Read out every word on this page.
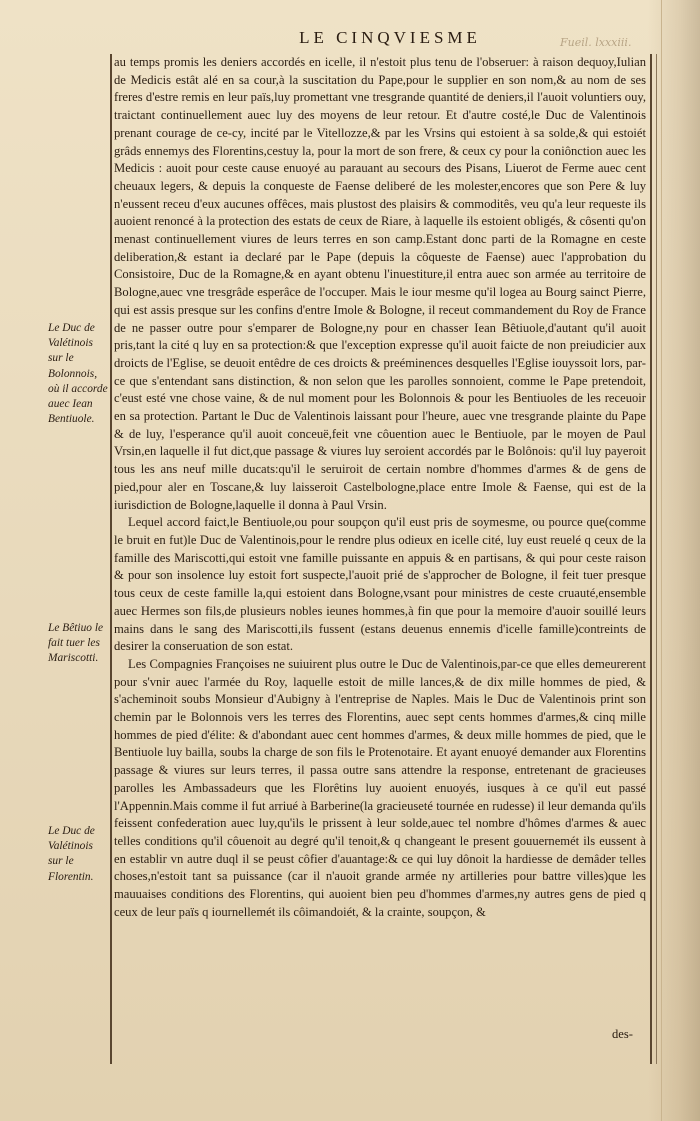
Fueil. lxxxiii.
LE CINQVIESME
Le Duc de Valétinois sur le Bolonnois, où il accorde auec Iean Bentiuole.
Le Bêtiuo le fait tuer les Mariscotti.
Le Duc de Valétinois sur le Florentin.

au temps promis les deniers accordés en icelle, il n'estoit plus tenu de l'obseruer: à raison dequoy,Iulian de Medicis estât alé en sa cour,à la suscitation du Pape,pour le supplier en son nom,& au nom de ses freres d'estre remis en leur païs,luy promettant vne tresgrande quantité de deniers,il l'auoit voluntiers ouy, traictant continuellement auec luy des moyens de leur retour. Et d'autre costé,le Duc de Valentinois prenant courage de ce-cy, incité par le Vitellozze,& par les Vrsins qui estoient à sa solde,& qui estoiét grâds ennemys des Florentins,cestuy la, pour la mort de son frere, & ceux cy pour la coniônction auec les Medicis : auoit pour ceste cause enuoyé au parauant au secours des Pisans, Liuerot de Ferme auec cent cheuaux legers, & depuis la conqueste de Faense deliberé de les molester,encores que son Pere & luy n'eussent receu d'eux aucunes offêces, mais plustost des plaisirs & commoditês, veu qu'a leur requeste ils auoient renoncé à la protection des estats de ceux de Riare, à laquelle ils estoient obligés, & côsenti qu'on menast continuellement viures de leurs terres en son camp.Estant donc parti de la Romagne en ceste deliberation,& estant ia declaré par le Pape (depuis la côqueste de Faense) auec l'approbation du Consistoire, Duc de la Romagne,& en ayant obtenu l'inuestiture,il entra auec son armée au territoire de Bologne,auec vne tresgrâde esperâce de l'occuper. Mais le iour mesme qu'il logea au Bourg sainct Pierre, qui est assis presque sur les confins d'entre Imole & Bologne, il receut commandement du Roy de France de ne passer outre pour s'emparer de Bologne,ny pour en chasser Iean Bêtiuole,d'autant qu'il auoit pris,tant la cité q luy en sa protection:& que l'exception expresse qu'il auoit faicte de non preiudicier aux droicts de l'Eglise, se deuoit entêdre de ces droicts & preéminences desquelles l'Eglise iouyssoit lors, par-ce que s'entendant sans distinction, & non selon que les parolles sonnoient, comme le Pape pretendoit, c'eust esté vne chose vaine, & de nul moment pour les Bolonnois & pour les Bentiuoles de les receuoir en sa protection. Partant le Duc de Valentinois laissant pour l'heure, auec vne tresgrande plainte du Pape & de luy, l'esperance qu'il auoit conceuë,feit vne côuention auec le Bentiuole, par le moyen de Paul Vrsin,en laquelle il fut dict,que passage & viures luy seroient accordés par le Bolônois: qu'il luy payeroit tous les ans neuf mille ducats:qu'il le seruiroit de certain nombre d'hommes d'armes & de gens de pied,pour aler en Toscane,& luy laisseroit Castelbologne,place entre Imole & Faense, qui est de la iurisdiction de Bologne,laquelle il donna à Paul Vrsin.

Lequel accord faict,le Bentiuole,ou pour soupçon qu'il eust pris de soymesme, ou pource que(comme le bruit en fut)le Duc de Valentinois,pour le rendre plus odieux en icelle cité, luy eust reuelé q ceux de la famille des Mariscotti,qui estoit vne famille puissante en appuis & en partisans, & qui pour ceste raison & pour son insolence luy estoit fort suspecte,l'auoit prié de s'approcher de Bologne, il feit tuer presque tous ceux de ceste famille la,qui estoient dans Bologne,vsant pour ministres de ceste cruauté,ensemble auec Hermes son fils,de plusieurs nobles ieunes hommes,à fin que pour la memoire d'auoir souillé leurs mains dans le sang des Mariscotti,ils fussent (estans deuenus ennemis d'icelle famille)contreints de desirer la conseruation de son estat.

Les Compagnies Françoises ne suiuirent plus outre le Duc de Valentinois,par-ce que elles demeurerent pour s'vnir auec l'armée du Roy, laquelle estoit de mille lances,& de dix mille hommes de pied, & s'acheminoit soubs Monsieur d'Aubigny à l'entreprise de Naples. Mais le Duc de Valentinois print son chemin par le Bolonnois vers les terres des Florentins, auec sept cents hommes d'armes,& cinq mille hommes de pied d'élite: & d'abondant auec cent hommes d'armes, & deux mille hommes de pied, que le Bentiuole luy bailla, soubs la charge de son fils le Protenotaire. Et ayant enuoyé demander aux Florentins passage & viures sur leurs terres, il passa outre sans attendre la response, entretenant de gracieuses parolles les Ambassadeurs que les Florêtins luy auoient enuoyés, iusques à ce qu'il eut passé l'Appennin.Mais comme il fut arriué à Barberine(la gracieuseté tournée en rudesse) il leur demanda qu'ils feissent confederation auec luy,qu'ils le prissent à leur solde,auec tel nombre d'hômes d'armes & auec telles conditions qu'il côuenoit au degré qu'il tenoit,& q changeant le present gouuernemét ils eussent à en establir vn autre duql il se peust côfier d'auantage:& ce qui luy dônoit la hardiesse de demâder telles choses,n'estoit tant sa puissance (car il n'auoit grande armée ny artilleries pour battre villes)que les mauuaises conditions des Florentins, qui auoient bien peu d'hommes d'armes,ny autres gens de pied q ceux de leur païs q iournellemét ils côimandoiét, & la crainte, soupçon, &

des-
